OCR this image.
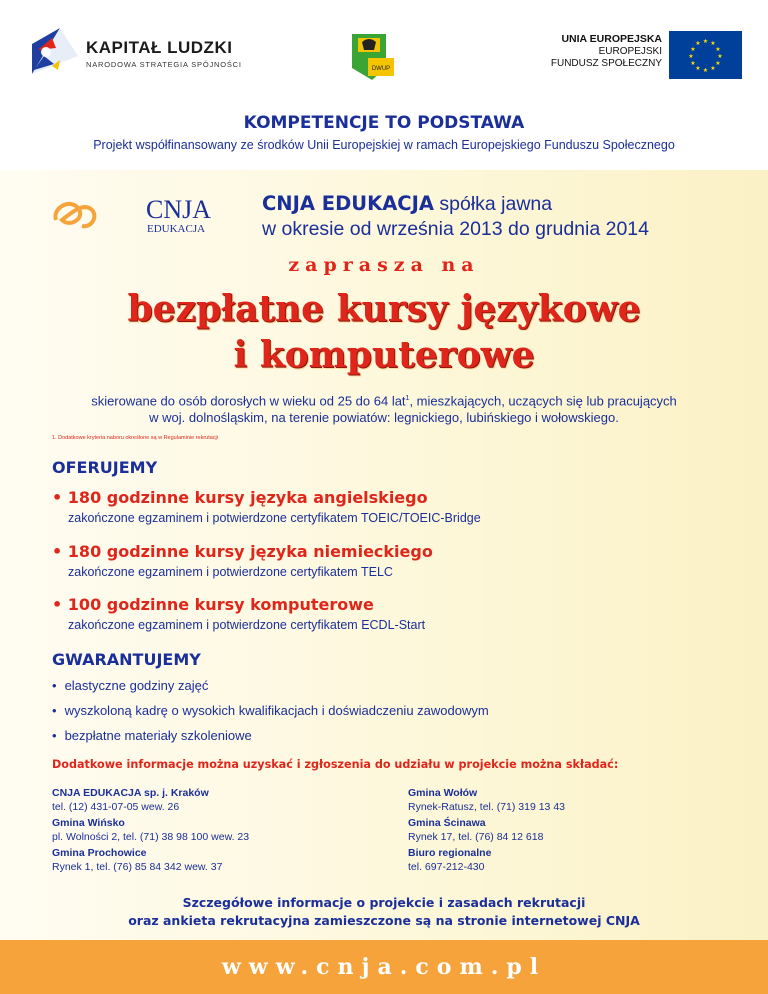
KAPITAŁ LUDZKI
NARODOWA STRATEGIA SPÓJNOŚCI	DWUP
UNIA EUROPEJSKA
EUROPEJSKI
FUNDUSZ SPOŁECZNY
★ ★
★
★
★
★
★
★
★
★
★
★
KOMPETENCJE TO PODSTAWA
Projekt współfinansowany ze środków Unii Europejskiej w ramach Europejskiego Funduszu Społecznego
CNJA
EDUKACJA
CNJA EDUKACJA spółka jawna
w okresie od września 2013 do grudnia 2014
zaprasza na
bezpłatne kursy językowe
i komputerowe
skierowane do osób dorosłych w wieku od 25 do 64 lat$^1$, mieszkających, uczących się lub pracujących
w woj. dolnośląskim, na terenie powiatów: legnickiego, lubińskiego i wołowskiego.
1. Dodatkowe kryteria naboru określone są w Regulaminie rekrutacji
OFERUJEMY
• 180 godzinne kursy języka angielskiego
zakończone egzaminem i potwierdzone certyfikatem TOEIC/TOEIC-Bridge
• 180 godzinne kursy języka niemieckiego
zakończone egzaminem i potwierdzone certyfikatem TELC
• 100 godzinne kursy komputerowe
zakończone egzaminem i potwierdzone certyfikatem ECDL-Start
GWARANTUJEMY
• elastyczne godziny zajęć
• wyszkoloną kadrę o wysokich kwalifikacjach i doświadczeniu zawodowym
• bezpłatne materiały szkoleniowe
Dodatkowe informacje można uzyskać i zgłoszenia do udziału w projekcie można składać:
CNJA EDUKACJA sp. j. Kraków
tel. (12) 431-07-05 wew. 26
Gmina Wińsko
pl. Wolności 2, tel. (71) 38 98 100 wew. 23
Gmina Prochowice
Rynek 1, tel. (76) 85 84 342 wew. 37
Gmina Wołów
Rynek-Ratusz, tel. (71) 319 13 43
Gmina Ścinawa
Rynek 17, tel. (76) 84 12 618
Biuro regionalne
tel. 697-212-430
Szczegółowe informacje o projekcie i zasadach rekrutacji
oraz ankieta rekrutacyjna zamieszczone są na stronie internetowej CNJA
www.cnja.com.pl
